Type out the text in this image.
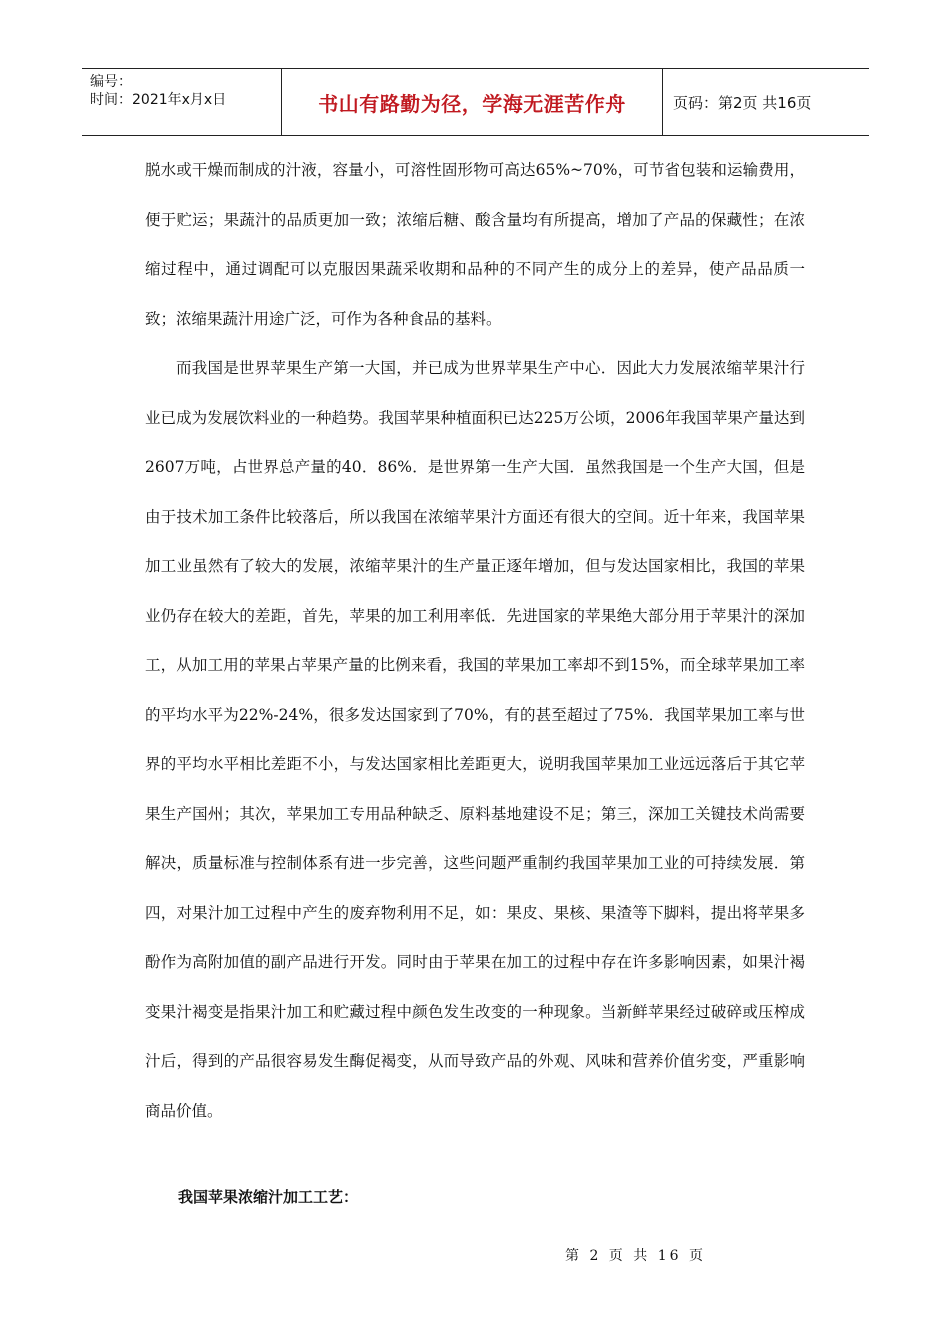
编号：
时间：2021年x月x日	书山有路勤为径，学海无涯苦作舟	页码：第2页 共16页

脱水或干燥而制成的汁液，容量小，可溶性固形物可高达65%~70%，可节省包装和运输费用，便于贮运；果蔬汁的品质更加一致；浓缩后糖、酸含量均有所提高，增加了产品的保藏性；在浓缩过程中，通过调配可以克服因果蔬采收期和品种的不同产生的成分上的差异，使产品品质一致；浓缩果蔬汁用途广泛，可作为各种食品的基料。

而我国是世界苹果生产第一大国，并已成为世界苹果生产中心．因此大力发展浓缩苹果汁行业已成为发展饮料业的一种趋势。我国苹果种植面积已达225万公顷，2006年我国苹果产量达到2607万吨，占世界总产量的40．86%．是世界第一生产大国．虽然我国是一个生产大国，但是由于技术加工条件比较落后，所以我国在浓缩苹果汁方面还有很大的空间。近十年来，我国苹果加工业虽然有了较大的发展，浓缩苹果汁的生产量正逐年增加，但与发达国家相比，我国的苹果业仍存在较大的差距，首先，苹果的加工利用率低．先进国家的苹果绝大部分用于苹果汁的深加工，从加工用的苹果占苹果产量的比例来看，我国的苹果加工率却不到15%，而全球苹果加工率的平均水平为22%-24%，很多发达国家到了70%，有的甚至超过了75%．我国苹果加工率与世界的平均水平相比差距不小，与发达国家相比差距更大，说明我国苹果加工业远远落后于其它苹果生产国州；其次，苹果加工专用品种缺乏、原料基地建设不足；第三，深加工关键技术尚需要解决，质量标准与控制体系有进一步完善，这些问题严重制约我国苹果加工业的可持续发展．第四，对果汁加工过程中产生的废弃物利用不足，如：果皮、果核、果渣等下脚料，提出将苹果多酚作为高附加值的副产品进行开发。同时由于苹果在加工的过程中存在许多影响因素，如果汁褐变果汁褐变是指果汁加工和贮藏过程中颜色发生改变的一种现象。当新鲜苹果经过破碎或压榨成汁后，得到的产品很容易发生酶促褐变，从而导致产品的外观、风味和营养价值劣变，严重影响商品价值。

我国苹果浓缩汁加工工艺：
第 2 页 共 16 页
